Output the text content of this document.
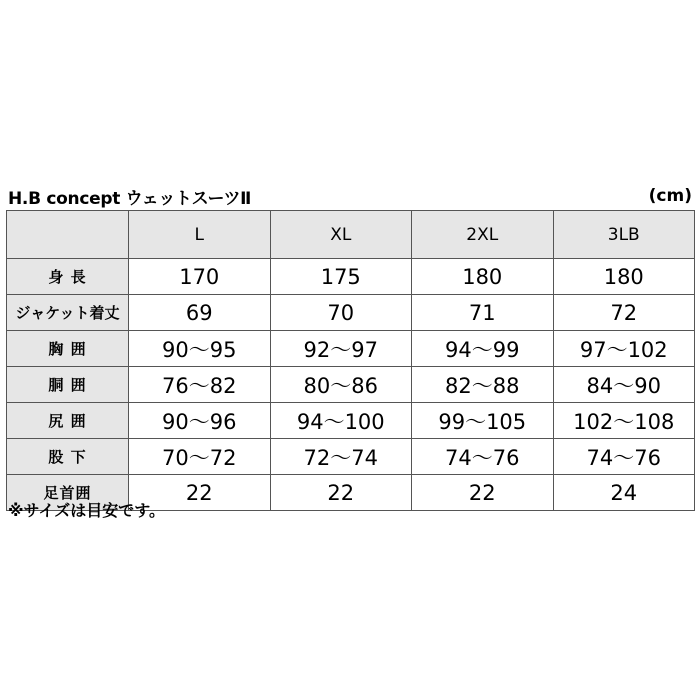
H.B concept ウェットスーツⅡ	(cm)
	L	XL	2XL	3LB
身 長	170	175	180	180
ジャケット着丈	69	70	71	72
胸 囲	90～95	92～97	94～99	97～102
胴 囲	76～82	80～86	82～88	84～90
尻 囲	90～96	94～100	99～105	102～108
股 下	70～72	72～74	74～76	74～76
足首囲	22	22	22	24
※サイズは目安です。
